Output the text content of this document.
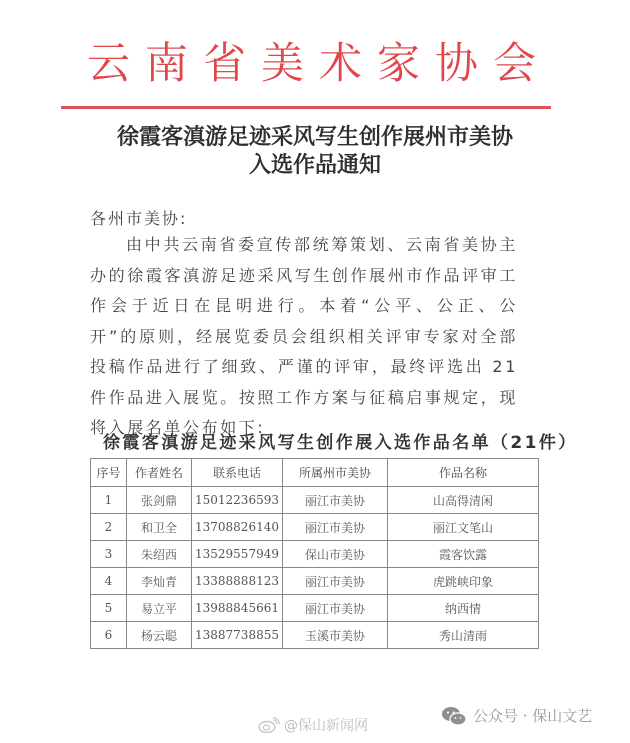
云南省美术家协会
徐霞客滇游足迹采风写生创作展州市美协
入选作品通知
各州市美协:
由中共云南省委宣传部统筹策划、云南省美协主办的徐霞客滇游足迹采风写生创作展州市作品评审工作会于近日在昆明进行。本着“公平、公正、公开”的原则，经展览委员会组织相关评审专家对全部投稿作品进行了细致、严谨的评审，最终评选出 21 件作品进入展览。按照工作方案与征稿启事规定，现将入展名单公布如下:
徐霞客滇游足迹采风写生创作展入选作品名单（21件）
序号	作者姓名	联系电话	所属州市美协	作品名称
1	张剑鼎	15012236593	丽江市美协	山高得清闲
2	和卫全	13708826140	丽江市美协	丽江文笔山
3	朱绍西	13529557949	保山市美协	霞客饮露
4	李灿青	13388888123	丽江市美协	虎跳峡印象
5	易立平	13988845661	丽江市美协	纳西情
6	杨云聪	13887738855	玉溪市美协	秀山清雨
@保山新闻网
公众号 · 保山文艺
